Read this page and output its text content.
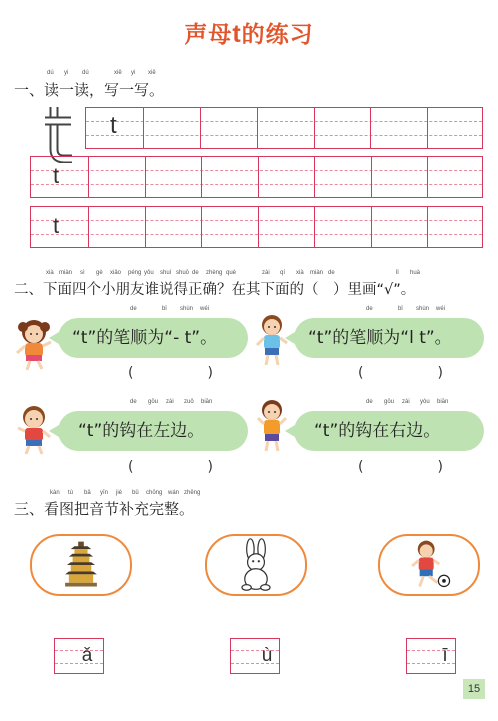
声母t的练习
dú yi dú	xiě yi xiě
一、读一读，写一写。
t
t
t
xià miàn sì gè xiǎo péng yǒu shuí shuō de zhèng què	zài qí xià miàn de	lǐ huà
二、下面四个小朋友谁说得正确？在其下面的（　）里画“√”。
de	bǐ shùn wéi
“t”的笔顺为“- t”。
(　)
de	bǐ shùn wéi
“t”的笔顺为“l t”。
(　)
de gōu zài zuǒ biān
“t”的钩在左边。
(　)
de gōu zài yòu biān
“t”的钩在右边。
(　)
kàn tú bǎ yīn jié bǔ chōng wán zhěng
三、看图把音节补充完整。
ǎ	ù	ī
15
